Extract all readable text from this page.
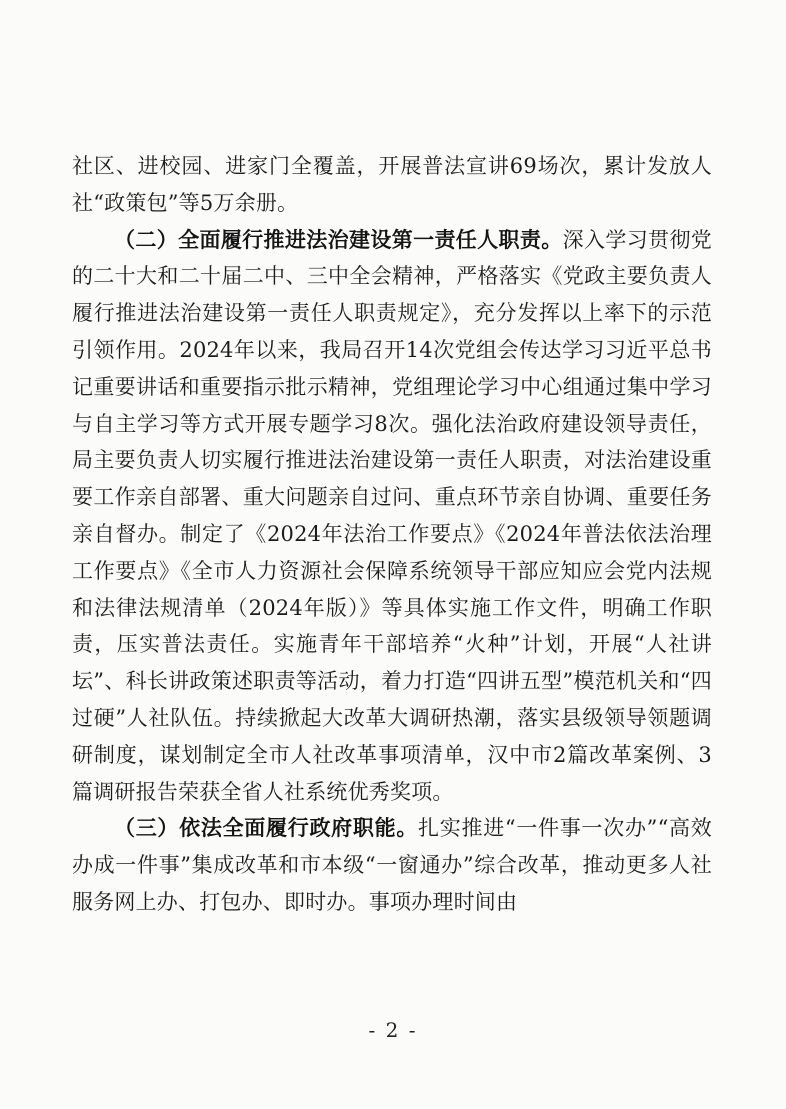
社区、进校园、进家门全覆盖，开展普法宣讲69场次，累计发放人社“政策包”等5万余册。

（二）全面履行推进法治建设第一责任人职责。深入学习贯彻党的二十大和二十届二中、三中全会精神，严格落实《党政主要负责人履行推进法治建设第一责任人职责规定》，充分发挥以上率下的示范引领作用。2024年以来，我局召开14次党组会传达学习习近平总书记重要讲话和重要指示批示精神，党组理论学习中心组通过集中学习与自主学习等方式开展专题学习8次。强化法治政府建设领导责任，局主要负责人切实履行推进法治建设第一责任人职责，对法治建设重要工作亲自部署、重大问题亲自过问、重点环节亲自协调、重要任务亲自督办。制定了《2024年法治工作要点》《2024年普法依法治理工作要点》《全市人力资源社会保障系统领导干部应知应会党内法规和法律法规清单（2024年版）》等具体实施工作文件，明确工作职责，压实普法责任。实施青年干部培养“火种”计划，开展“人社讲坛”、科长讲政策述职责等活动，着力打造“四讲五型”模范机关和“四过硬”人社队伍。持续掀起大改革大调研热潮，落实县级领导领题调研制度，谋划制定全市人社改革事项清单，汉中市2篇改革案例、3篇调研报告荣获全省人社系统优秀奖项。

（三）依法全面履行政府职能。扎实推进“一件事一次办”“高效办成一件事”集成改革和市本级“一窗通办”综合改革，推动更多人社服务网上办、打包办、即时办。事项办理时间由

- 2 -
